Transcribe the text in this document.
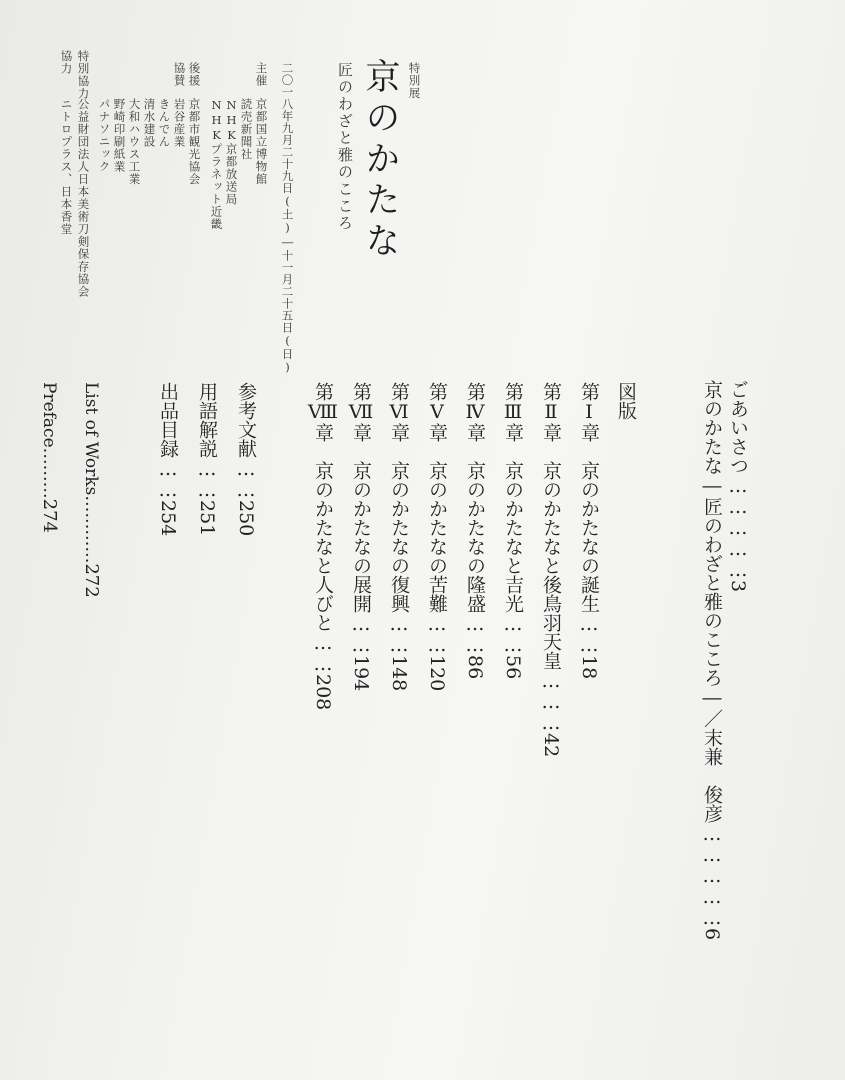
特別展
京のかたな
匠のわざと雅のこころ
二〇一八年九月二十九日(土)―十一月二十五日(日)
主催
京都国立博物館
読売新聞社
NHK京都放送局
NHKプラネット近畿
後援
京都市観光協会
協賛
岩谷産業
きんでん
清水建設
大和ハウス工業
野崎印刷紙業
パナソニック
特別協力
公益財団法人日本美術刀剣保存協会
協力
ニトロプラス、日本香堂
ごあいさつ……………3
京のかたな―匠のわざと雅のこころ―／末兼　俊彦……………6
図版
第Ⅰ章　京のかたなの誕生……18
第Ⅱ章　京のかたなと後鳥羽天皇………42
第Ⅲ章　京のかたなと吉光……56
第Ⅳ章　京のかたなの隆盛……86
第Ⅴ章　京のかたなの苦難……120
第Ⅵ章　京のかたなの復興……148
第Ⅶ章　京のかたなの展開……194
第Ⅷ章　京のかたなと人びと……208
参考文献……250
用語解説……251
出品目録……254
List of Works…………272
Preface………274
